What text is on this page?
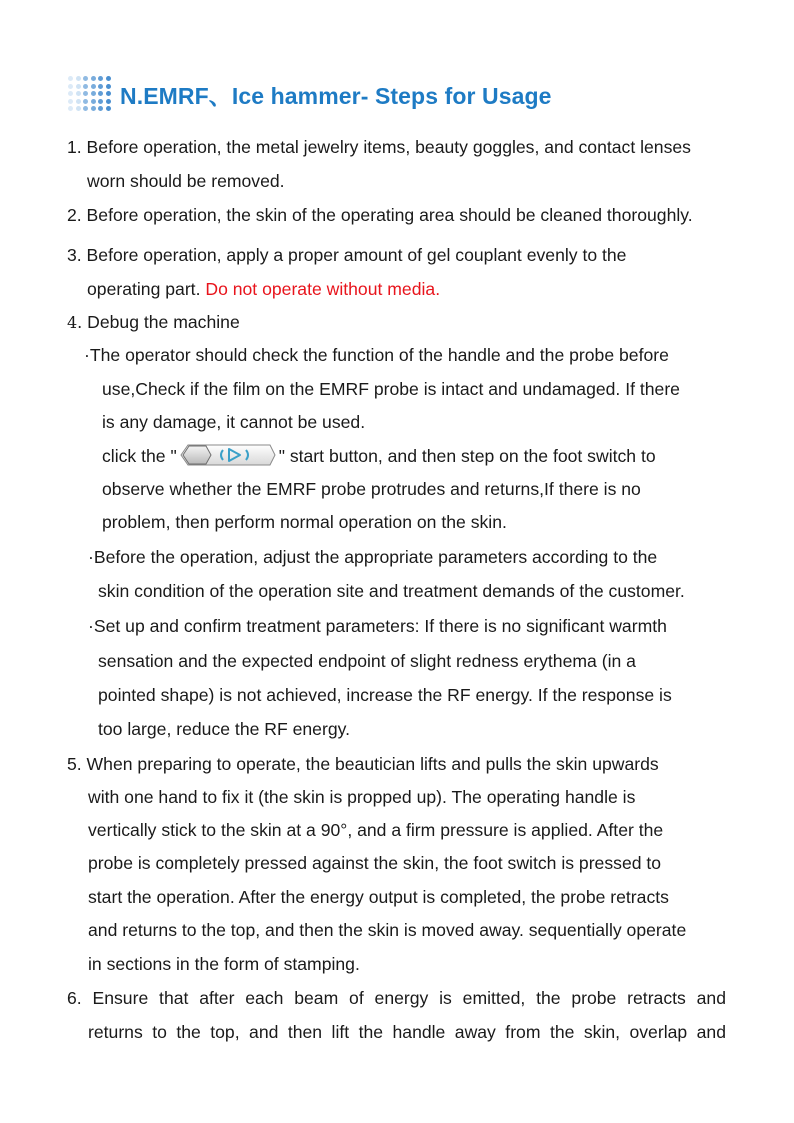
N.EMRF、Ice hammer- Steps for Usage
1. Before operation, the metal jewelry items, beauty goggles, and contact lenses
worn should be removed.
2. Before operation, the skin of the operating area should be cleaned thoroughly.
3. Before operation, apply a proper amount of gel couplant evenly to the
operating part. Do not operate without media.
4. Debug the machine
·The operator should check the function of the handle and the probe before
use,Check if the film on the EMRF probe is intact and undamaged. If there
is any damage, it cannot be used.
click the "	" start button, and then step on the foot switch to
observe whether the EMRF probe protrudes and returns,If there is no
problem, then perform normal operation on the skin.
·Before the operation, adjust the appropriate parameters according to the
skin condition of the operation site and treatment demands of the customer.
·Set up and confirm treatment parameters: If there is no significant warmth
sensation and the expected endpoint of slight redness erythema (in a
pointed shape) is not achieved, increase the RF energy. If the response is
too large, reduce the RF energy.
5. When preparing to operate, the beautician lifts and pulls the skin upwards
with one hand to fix it (the skin is propped up). The operating handle is
vertically stick to the skin at a 90°, and a firm pressure is applied. After the
probe is completely pressed against the skin, the foot switch is pressed to
start the operation. After the energy output is completed, the probe retracts
and returns to the top, and then the skin is moved away. sequentially operate
in sections in the form of stamping.
6. Ensure that after each beam of energy is emitted, the probe retracts and
returns to the top, and then lift the handle away from the skin, overlap and
